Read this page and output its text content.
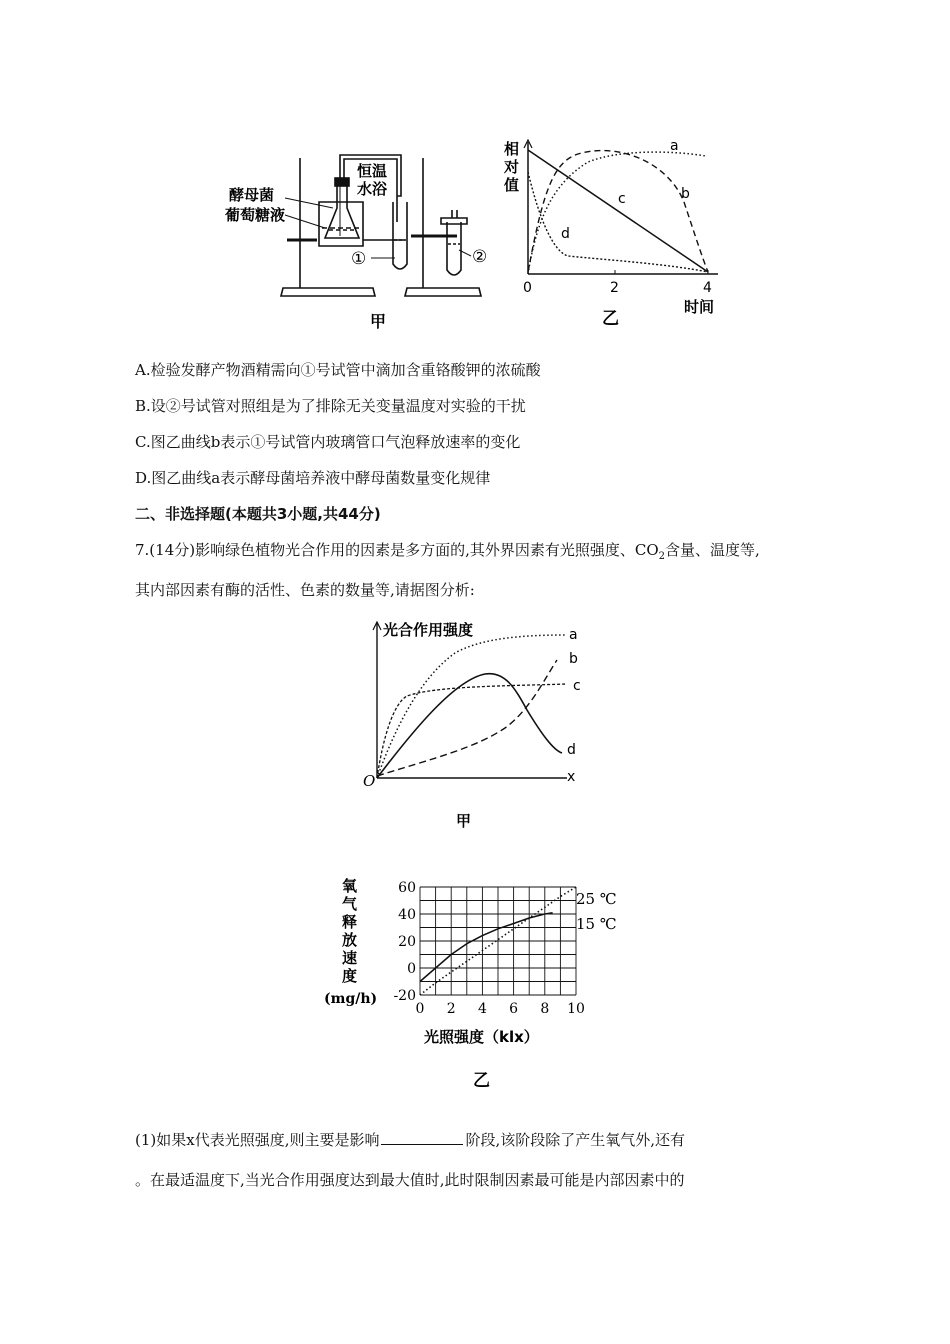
酵母菌
葡萄糖液
恒温
水浴
①	②
甲
相
对
值
0	2	4
时间
a
b
c
d
乙
A.检验发酵产物酒精需向①号试管中滴加含重铬酸钾的浓硫酸
B.设②号试管对照组是为了排除无关变量温度对实验的干扰
C.图乙曲线b表示①号试管内玻璃管口气泡释放速率的变化
D.图乙曲线a表示酵母菌培养液中酵母菌数量变化规律
二、非选择题(本题共3小题,共44分)
7.(14分)影响绿色植物光合作用的因素是多方面的,其外界因素有光照强度、$CO_2$含量、温度等,
其内部因素有酶的活性、色素的数量等,请据图分析:
光合作用强度
O	x
a
b
c
d
甲
氧
气
释
放
速
度
(mg/h)
光照强度（klx）
25 ℃
15 ℃
乙
60
40
20
0
-20
0 2 4 6 8 10
(1)如果x代表光照强度,则主要是影响	阶段,该阶段除了产生氧气外,还有
。在最适温度下,当光合作用强度达到最大值时,此时限制因素最可能是内部因素中的
